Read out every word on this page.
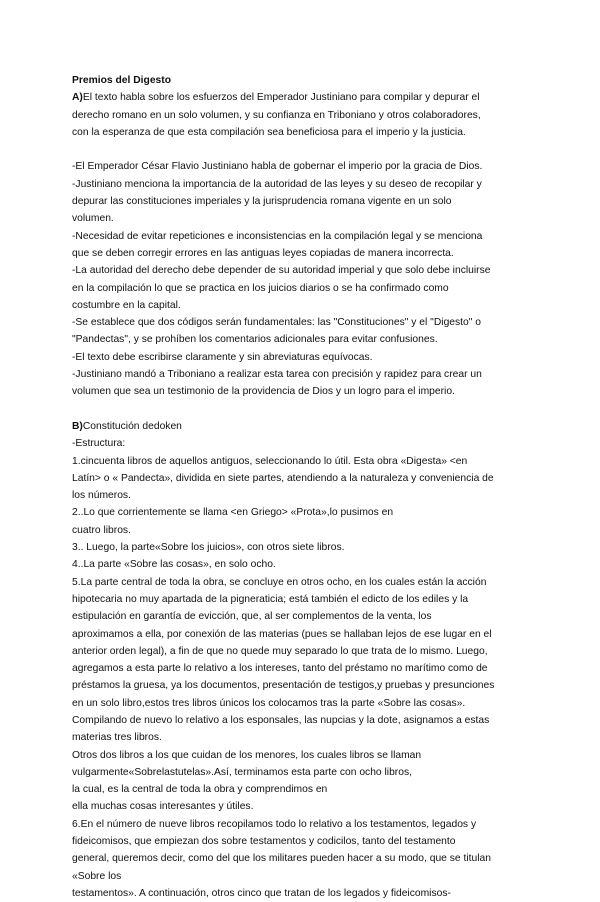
Premios del Digesto

A)El texto habla sobre los esfuerzos del Emperador Justiniano para compilar y depurar el

derecho romano en un solo volumen, y su confianza en Triboniano y otros colaboradores,

con la esperanza de que esta compilación sea beneficiosa para el imperio y la justicia.

-El Emperador César Flavio Justiniano habla de gobernar el imperio por la gracia de Dios.

-Justiniano menciona la importancia de la autoridad de las leyes y su deseo de recopilar y

depurar las constituciones imperiales y la jurisprudencia romana vigente en un solo

volumen.

-Necesidad de evitar repeticiones e inconsistencias en la compilación legal y se menciona

que se deben corregir errores en las antiguas leyes copiadas de manera incorrecta.

-La autoridad del derecho debe depender de su autoridad imperial y que solo debe incluirse

en la compilación lo que se practica en los juicios diarios o se ha confirmado como

costumbre en la capital.

-Se establece que dos códigos serán fundamentales: las "Constituciones" y el "Digesto" o

"Pandectas", y se prohíben los comentarios adicionales para evitar confusiones.

-El texto debe escribirse claramente y sin abreviaturas equívocas.

-Justiniano mandó a Triboniano a realizar esta tarea con precisión y rapidez para crear un

volumen que sea un testimonio de la providencia de Dios y un logro para el imperio.

B)Constitución dedoken

-Estructura:

1.cincuenta libros de aquellos antiguos, seleccionando lo útil. Esta obra «Digesta» <en

Latín> o « Pandecta», dividida en siete partes, atendiendo a la naturaleza y conveniencia de

los números.

2..Lo que corrientemente se llama <en Griego> «Prota»,lo pusimos en

cuatro libros.

3.. Luego, la parte«Sobre los juicios», con otros siete libros.

4..La parte «Sobre las cosas», en solo ocho.

5.La parte central de toda la obra, se concluye en otros ocho, en los cuales están la acción

hipotecaria no muy apartada de la pigneraticia; está también el edicto de los ediles y la

estipulación en garantía de evicción, que, al ser complementos de la venta, los

aproximamos a ella, por conexión de las materias (pues se hallaban lejos de ese lugar en el

anterior orden legal), a fin de que no quede muy separado lo que trata de lo mismo. Luego,

agregamos a esta parte lo relativo a los intereses, tanto del préstamo no marítimo como de

préstamos la gruesa, ya los documentos, presentación de testigos,y pruebas y presunciones

en un solo libro,estos tres libros únicos los colocamos tras la parte «Sobre las cosas».

Compilando de nuevo lo relativo a los esponsales, las nupcias y la dote, asignamos a estas

materias tres libros.

Otros dos libros a los que cuidan de los menores, los cuales libros se llaman

vulgarmente«Sobrelastutelas».Así, terminamos esta parte con ocho libros,

la cual, es la central de toda la obra y comprendimos en

ella muchas cosas interesantes y útiles.

6.En el número de nueve libros recopilamos todo lo relativo a los testamentos, legados y

fideicomisos, que empiezan dos sobre testamentos y codicilos, tanto del testamento

general, queremos decir, como del que los militares pueden hacer a su modo, que se titulan

«Sobre los

testamentos». A continuación, otros cinco que tratan de los legados y fideicomisos-
